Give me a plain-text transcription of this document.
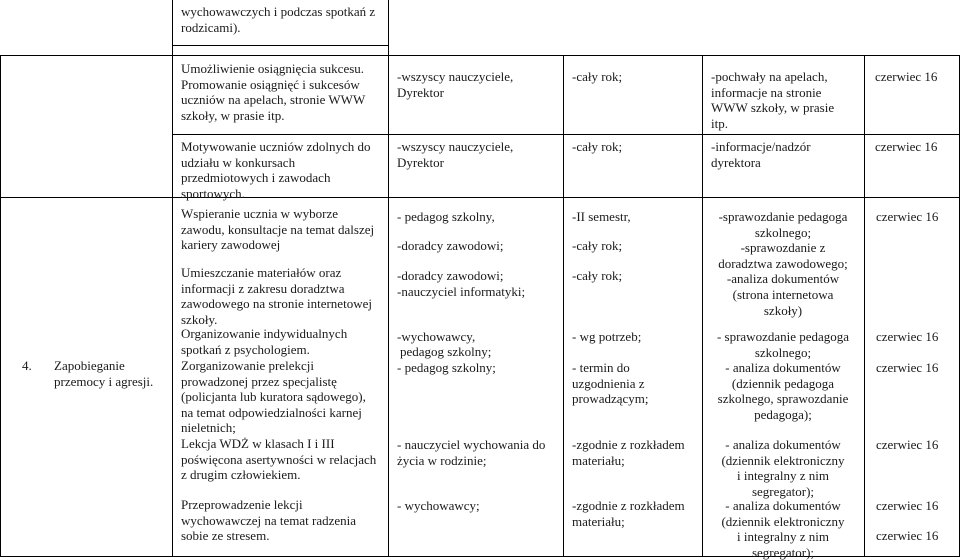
wychowawczych i podczas spotkań z
rodzicami).
4. Zapobieganie
przemocy i agresji.
Umożliwienie osiągnięcia sukcesu.
Promowanie osiągnięć i sukcesów
uczniów na apelach, stronie WWW
szkoły, w prasie itp.
-wszyscy nauczyciele,
Dyrektor
-cały rok;	-pochwały na apelach,
informacje na stronie
WWW szkoły, w prasie
itp.
czerwiec 16
Motywowanie uczniów zdolnych do
udziału w konkursach
przedmiotowych i zawodach
sportowych.
-wszyscy nauczyciele,
Dyrektor
-cały rok;	-informacje/nadzór
dyrektora
czerwiec 16
Wspieranie ucznia w wyborze
zawodu, konsultacje na temat dalszej
kariery zawodowej
Umieszczanie materiałów oraz
informacji z zakresu doradztwa
zawodowego na stronie internetowej
szkoły.
Organizowanie indywidualnych
spotkań z psychologiem.
Zorganizowanie prelekcji
prowadzonej przez specjalistę
(policjanta lub kuratora sądowego),
na temat odpowiedzialności karnej
nieletnich;
Lekcja WDŻ w klasach I i III
poświęcona asertywności w relacjach
z drugim człowiekiem.
Przeprowadzenie lekcji
wychowawczej na temat radzenia
sobie ze stresem.
- pedagog szkolny,
-doradcy zawodowi;
-doradcy zawodowi;
-nauczyciel informatyki;
-wychowawcy,
pedagog szkolny;
- pedagog szkolny;
- nauczyciel wychowania do
życia w rodzinie;
- wychowawcy;
-II semestr,
-cały rok;
-cały rok;
- wg potrzeb;
- termin do
uzgodnienia z
prowadzącym;
-zgodnie z rozkładem
materiału;
-zgodnie z rozkładem
materiału;
-sprawozdanie pedagoga
szkolnego;
-sprawozdanie z
doradztwa zawodowego;
-analiza dokumentów
(strona internetowa
szkoły)
- sprawozdanie pedagoga
szkolnego;
- analiza dokumentów
(dziennik pedagoga
szkolnego, sprawozdanie
pedagoga);
- analiza dokumentów
(dziennik elektroniczny
i integralny z nim
segregator);
- analiza dokumentów
(dziennik elektroniczny
i integralny z nim
segregator);
czerwiec 16
czerwiec 16
czerwiec 16
czerwiec 16
czerwiec 16
czerwiec 16
